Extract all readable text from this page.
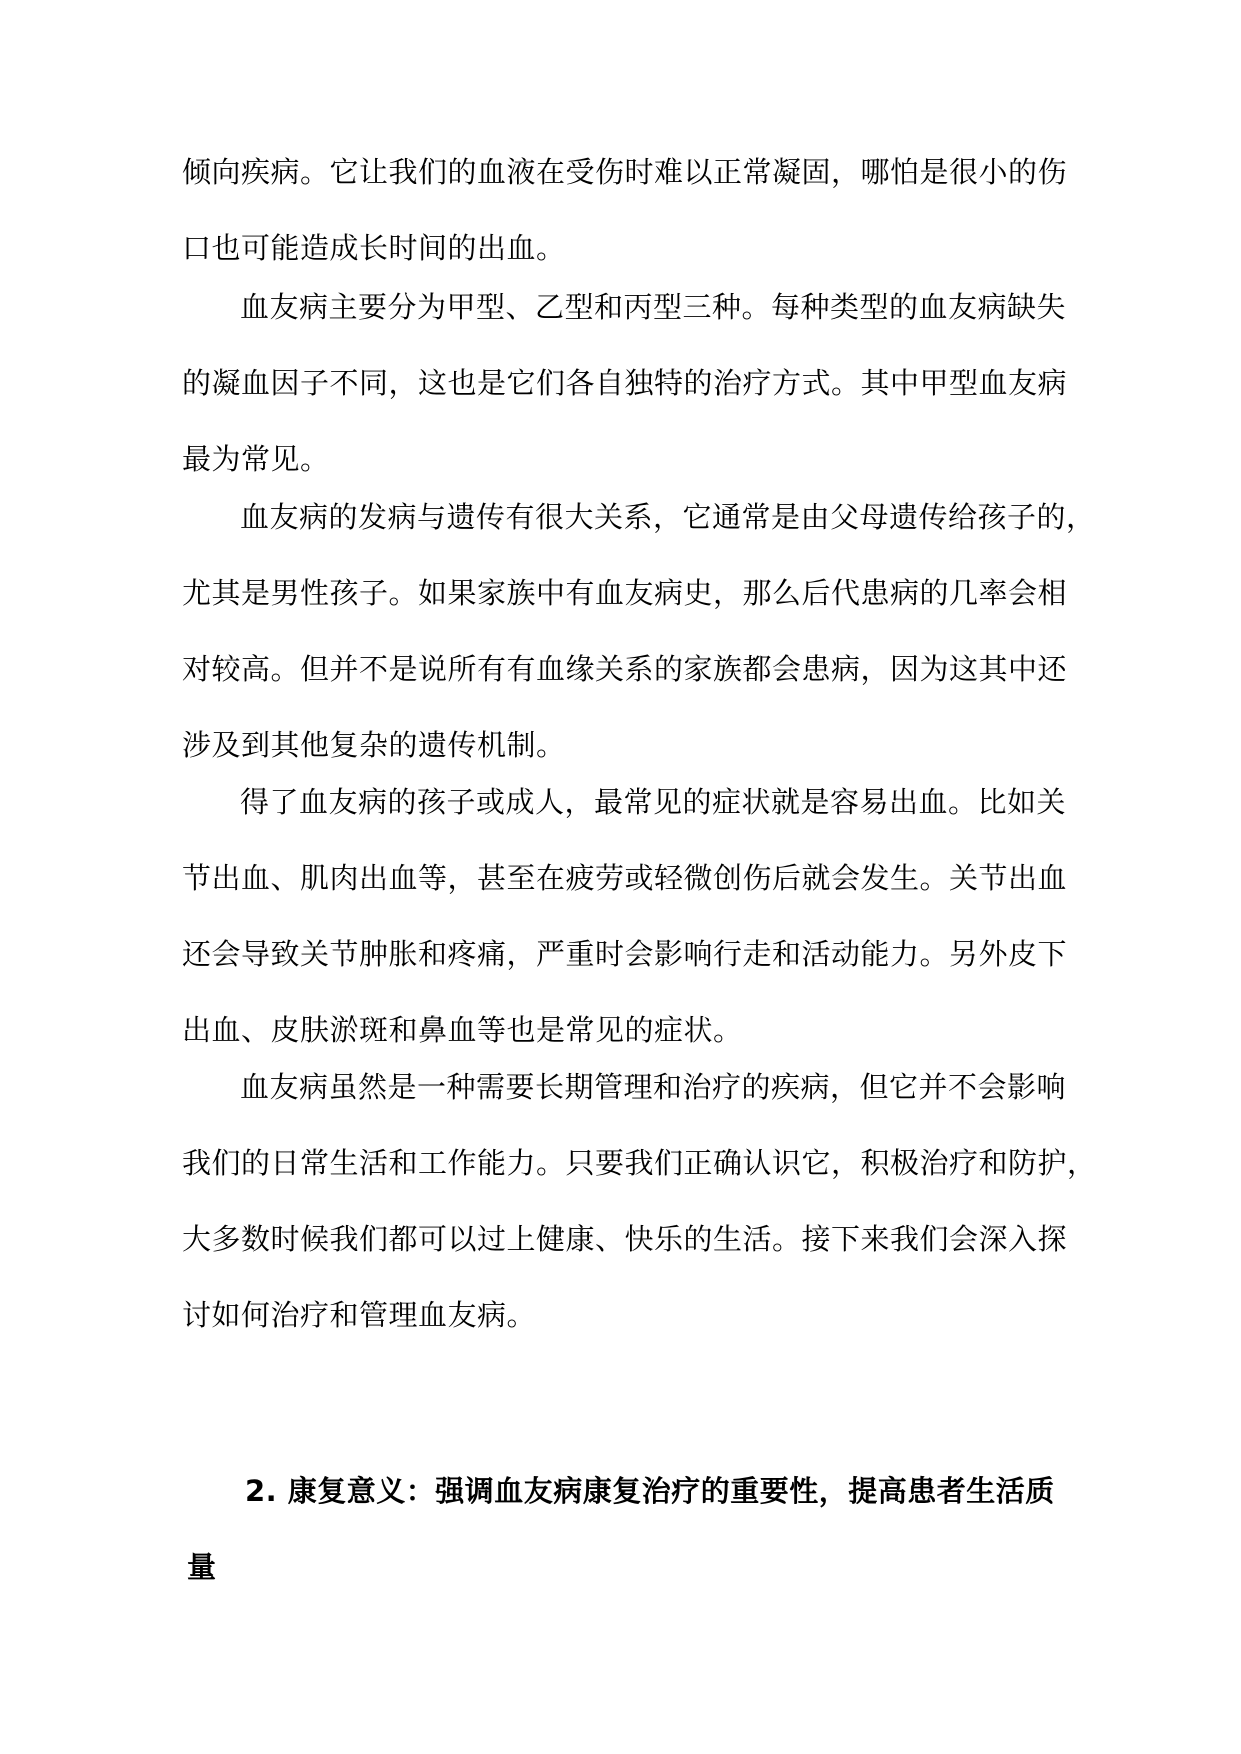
倾向疾病。它让我们的血液在受伤时难以正常凝固，哪怕是很小的伤
口也可能造成长时间的出血。
血友病主要分为甲型、乙型和丙型三种。每种类型的血友病缺失
的凝血因子不同，这也是它们各自独特的治疗方式。其中甲型血友病
最为常见。
血友病的发病与遗传有很大关系，它通常是由父母遗传给孩子的，
尤其是男性孩子。如果家族中有血友病史，那么后代患病的几率会相
对较高。但并不是说所有有血缘关系的家族都会患病，因为这其中还
涉及到其他复杂的遗传机制。
得了血友病的孩子或成人，最常见的症状就是容易出血。比如关
节出血、肌肉出血等，甚至在疲劳或轻微创伤后就会发生。关节出血
还会导致关节肿胀和疼痛，严重时会影响行走和活动能力。另外皮下
出血、皮肤淤斑和鼻血等也是常见的症状。
血友病虽然是一种需要长期管理和治疗的疾病，但它并不会影响
我们的日常生活和工作能力。只要我们正确认识它，积极治疗和防护，
大多数时候我们都可以过上健康、快乐的生活。接下来我们会深入探
讨如何治疗和管理血友病。
2. 康复意义：强调血友病康复治疗的重要性，提高患者生活质
量
